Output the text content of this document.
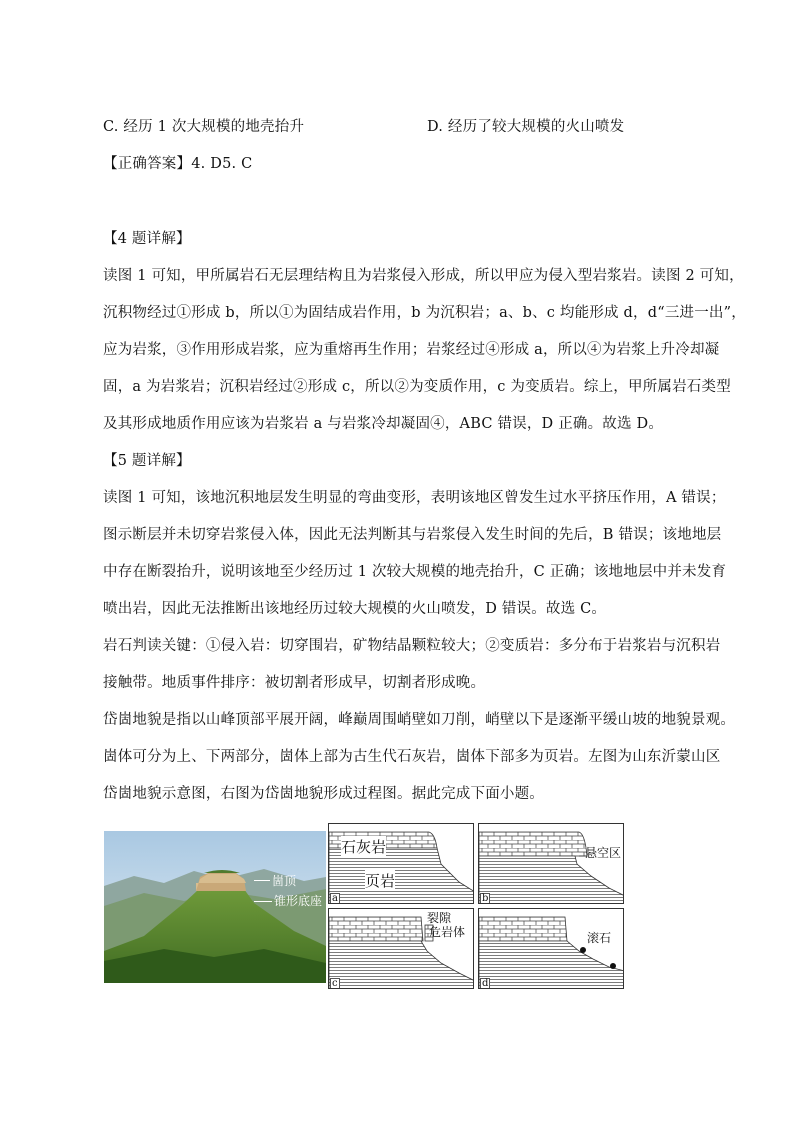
C. 经历 1 次大规模的地壳抬升	D. 经历了较大规模的火山喷发
【正确答案】4. D5. C
【4 题详解】
读图 1 可知，甲所属岩石无层理结构且为岩浆侵入形成，所以甲应为侵入型岩浆岩。读图 2 可知，
沉积物经过①形成 b，所以①为固结成岩作用，b 为沉积岩；a、b、c 均能形成 d，d“三进一出”，
应为岩浆，③作用形成岩浆，应为重熔再生作用；岩浆经过④形成 a，所以④为岩浆上升冷却凝
固，a 为岩浆岩；沉积岩经过②形成 c，所以②为变质作用，c 为变质岩。综上，甲所属岩石类型
及其形成地质作用应该为岩浆岩 a 与岩浆冷却凝固④，ABC 错误，D 正确。故选 D。
【5 题详解】
读图 1 可知，该地沉积地层发生明显的弯曲变形，表明该地区曾发生过水平挤压作用，A 错误；
图示断层并未切穿岩浆侵入体，因此无法判断其与岩浆侵入发生时间的先后，B 错误；该地地层
中存在断裂抬升，说明该地至少经历过 1 次较大规模的地壳抬升，C 正确；该地地层中并未发育
喷出岩，因此无法推断出该地经历过较大规模的火山喷发，D 错误。故选 C。
岩石判读关键：①侵入岩：切穿围岩，矿物结晶颗粒较大；②变质岩：多分布于岩浆岩与沉积岩
接触带。地质事件排序：被切割者形成早，切割者形成晚。
岱崮地貌是指以山峰顶部平展开阔，峰巅周围峭壁如刀削，峭壁以下是逐渐平缓山坡的地貌景观。
崮体可分为上、下两部分，崮体上部为古生代石灰岩，崮体下部多为页岩。左图为山东沂蒙山区
岱崮地貌示意图，右图为岱崮地貌形成过程图。据此完成下面小题。
崮顶
锥形底座
石灰岩
页岩
a
悬空区
b
裂隙
危岩体
c
滚石
d
